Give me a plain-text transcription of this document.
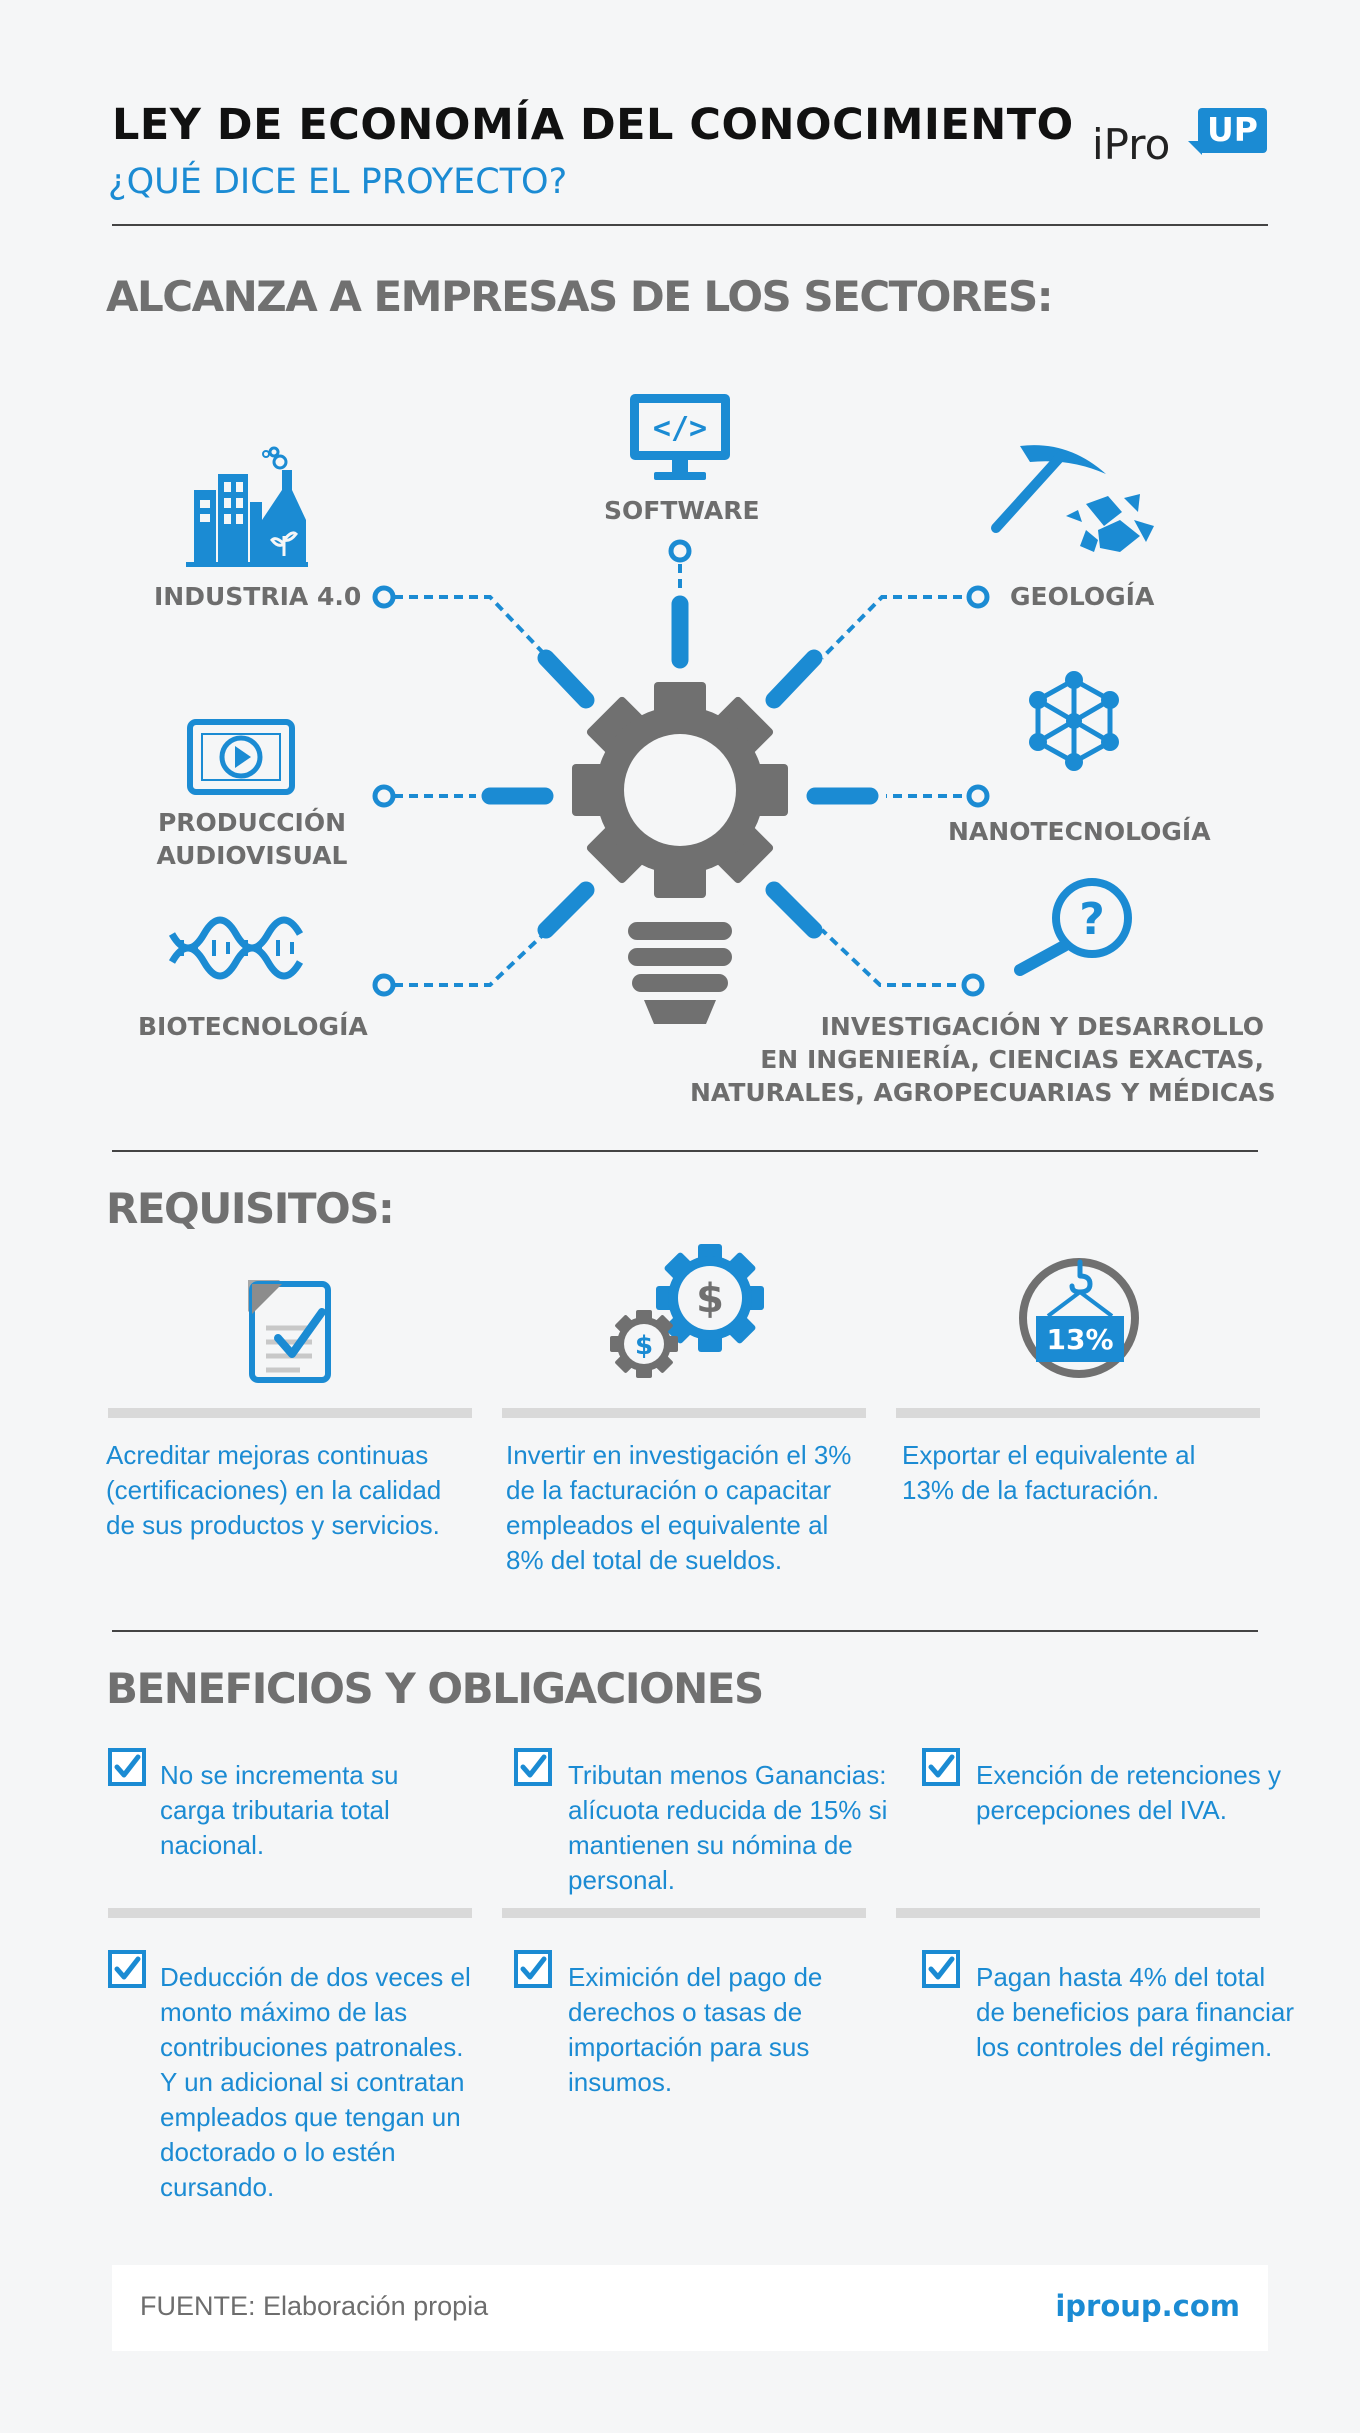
LEY DE ECONOMÍA DEL CONOCIMIENTO
¿QUÉ DICE EL PROYECTO?
iPro UP
ALCANZA A EMPRESAS DE LOS SECTORES:
</>
?
SOFTWARE
INDUSTRIA 4.0	GEOLOGÍA
PRODUCCIÓN
AUDIOVISUAL
NANOTECNOLOGÍA
BIOTECNOLOGÍA	INVESTIGACIÓN Y DESARROLLO
EN INGENIERÍA, CIENCIAS EXACTAS,
NATURALES, AGROPECUARIAS Y MÉDICAS
REQUISITOS:
$
$	13%
Acreditar mejoras continuas (certificaciones) en la calidad de sus productos y servicios.
Invertir en investigación el 3% de la facturación o capacitar empleados el equivalente al 8% del total de sueldos.
Exportar el equivalente al 13% de la facturación.
BENEFICIOS Y OBLIGACIONES
No se incrementa su carga tributaria total nacional.
Tributan menos Ganancias: alícuota reducida de 15% si mantienen su nómina de personal.
Exención de retenciones y percepciones del IVA.
Deducción de dos veces el monto máximo de las contribuciones patronales. Y un adicional si contratan empleados que tengan un doctorado o lo estén cursando.
Eximición del pago de derechos o tasas de importación para sus insumos.
Pagan hasta 4% del total de beneficios para financiar los controles del régimen.
FUENTE: Elaboración propia	iproup.com
